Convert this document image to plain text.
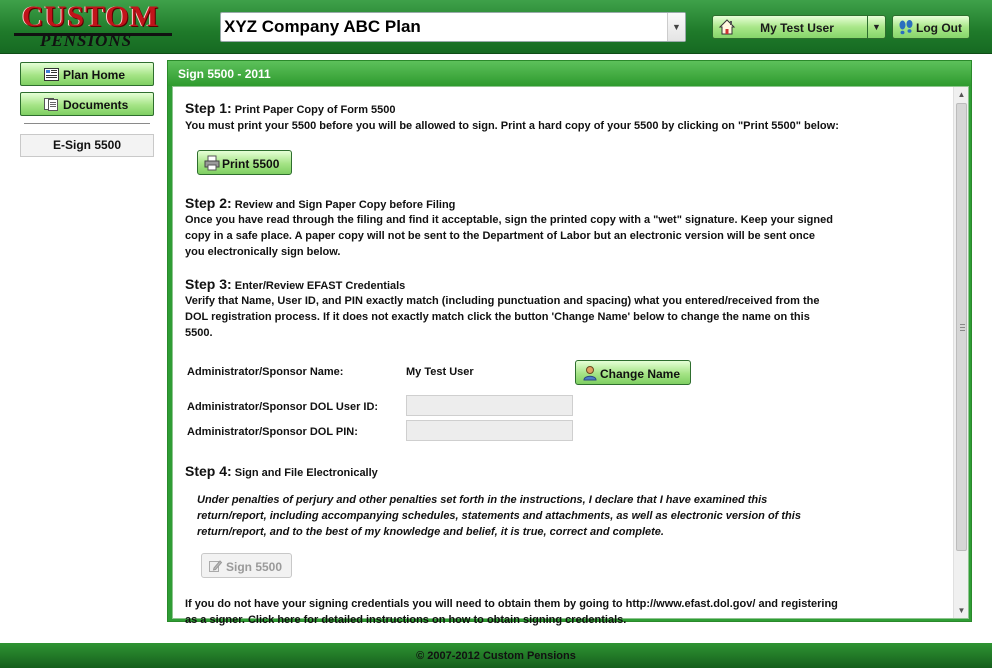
CUSTOM
PENSIONS
XYZ Company ABC Plan	▼	My Test User	▼	Log Out
Plan Home
Documents
E-Sign 5500
Sign 5500 - 2011
Step 1: Print Paper Copy of Form 5500
You must print your 5500 before you will be allowed to sign. Print a hard copy of your 5500 by clicking on "Print 5500" below:
Print 5500
Step 2: Review and Sign Paper Copy before Filing
Once you have read through the filing and find it acceptable, sign the printed copy with a "wet" signature. Keep your signed
copy in a safe place. A paper copy will not be sent to the Department of Labor but an electronic version will be sent once
you electronically sign below.
Step 3: Enter/Review EFAST Credentials
Verify that Name, User ID, and PIN exactly match (including punctuation and spacing) what you entered/received from the
DOL registration process. If it does not exactly match click the button 'Change Name' below to change the name on this
5500.
Administrator/Sponsor Name:	My Test User	Change Name
Administrator/Sponsor DOL User ID:
Administrator/Sponsor DOL PIN:
Step 4: Sign and File Electronically
Under penalties of perjury and other penalties set forth in the instructions, I declare that I have examined this
return/report, including accompanying schedules, statements and attachments, as well as electronic version of this
return/report, and to the best of my knowledge and belief, it is true, correct and complete.
Sign 5500
If you do not have your signing credentials you will need to obtain them by going to http://www.efast.dol.gov/ and registering
as a signer. Click here for detailed instructions on how to obtain signing credentials.
▲
▼
© 2007-2012 Custom Pensions
